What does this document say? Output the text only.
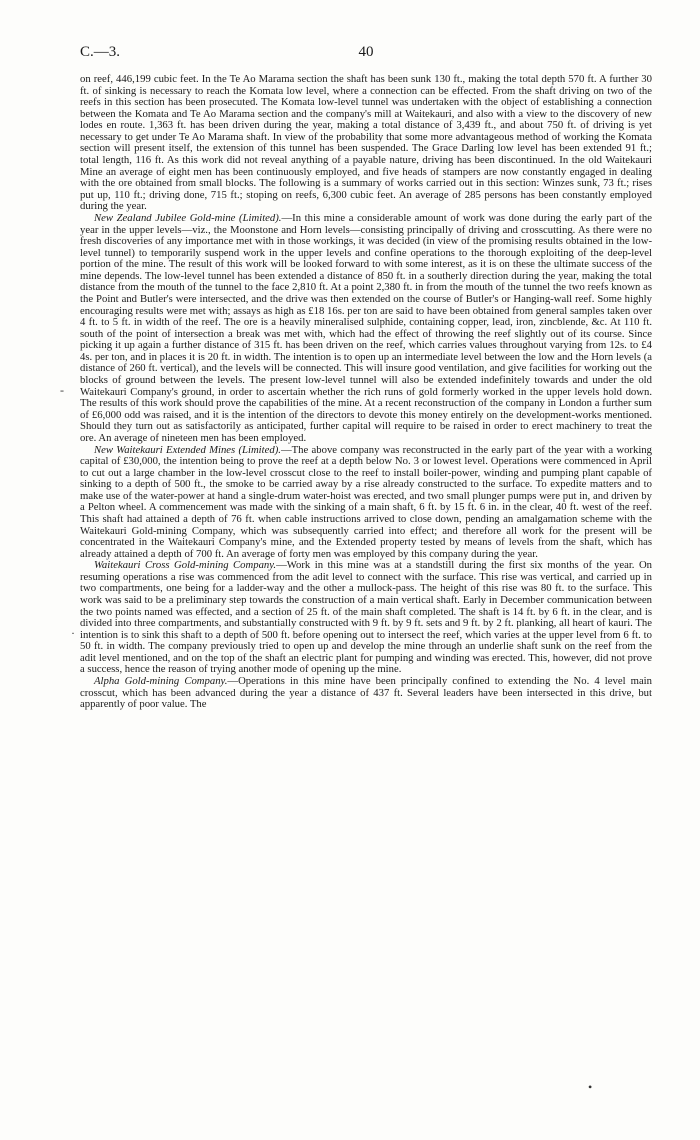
C.—3.	40

on reef, 446,199 cubic feet. In the Te Ao Marama section the shaft has been sunk 130 ft., making the total depth 570 ft. A further 30 ft. of sinking is necessary to reach the Komata low level, where a connection can be effected. From the shaft driving on two of the reefs in this section has been prosecuted. The Komata low-level tunnel was undertaken with the object of establishing a connection between the Komata and Te Ao Marama section and the company's mill at Waitekauri, and also with a view to the discovery of new lodes en route. 1,363 ft. has been driven during the year, making a total distance of 3,439 ft., and about 750 ft. of driving is yet necessary to get under Te Ao Marama shaft. In view of the probability that some more advantageous method of working the Komata section will present itself, the extension of this tunnel has been suspended. The Grace Darling low level has been extended 91 ft.; total length, 116 ft. As this work did not reveal anything of a payable nature, driving has been discontinued. In the old Waitekauri Mine an average of eight men has been continuously employed, and five heads of stampers are now constantly engaged in dealing with the ore obtained from small blocks. The following is a summary of works carried out in this section: Winzes sunk, 73 ft.; rises put up, 110 ft.; driving done, 715 ft.; stoping on reefs, 6,300 cubic feet. An average of 285 persons has been constantly employed during the year.

New Zealand Jubilee Gold-mine (Limited).—In this mine a considerable amount of work was done during the early part of the year in the upper levels—viz., the Moonstone and Horn levels—consisting principally of driving and crosscutting. As there were no fresh discoveries of any importance met with in those workings, it was decided (in view of the promising results obtained in the low-level tunnel) to temporarily suspend work in the upper levels and confine operations to the thorough exploiting of the deep-level portion of the mine. The result of this work will be looked forward to with some interest, as it is on these the ultimate success of the mine depends. The low-level tunnel has been extended a distance of 850 ft. in a southerly direction during the year, making the total distance from the mouth of the tunnel to the face 2,810 ft. At a point 2,380 ft. in from the mouth of the tunnel the two reefs known as the Point and Butler's were intersected, and the drive was then extended on the course of Butler's or Hanging-wall reef. Some highly encouraging results were met with; assays as high as £18 16s. per ton are said to have been obtained from general samples taken over 4 ft. to 5 ft. in width of the reef. The ore is a heavily mineralised sulphide, containing copper, lead, iron, zincblende, &c. At 110 ft. south of the point of intersection a break was met with, which had the effect of throwing the reef slightly out of its course. Since picking it up again a further distance of 315 ft. has been driven on the reef, which carries values throughout varying from 12s. to £4 4s. per ton, and in places it is 20 ft. in width. The intention is to open up an intermediate level between the low and the Horn levels (a distance of 260 ft. vertical), and the levels will be connected. This will insure good ventilation, and give facilities for working out the blocks of ground between the levels. The present low-level tunnel will also be extended indefinitely towards and under the old Waitekauri Company's ground, in order to ascertain whether the rich runs of gold formerly worked in the upper levels hold down. The results of this work should prove the capabilities of the mine. At a recent reconstruction of the company in London a further sum of £6,000 odd was raised, and it is the intention of the directors to devote this money entirely on the development-works mentioned. Should they turn out as satisfactorily as anticipated, further capital will require to be raised in order to erect machinery to treat the ore. An average of nineteen men has been employed.

New Waitekauri Extended Mines (Limited).—The above company was reconstructed in the early part of the year with a working capital of £30,000, the intention being to prove the reef at a depth below No. 3 or lowest level. Operations were commenced in April to cut out a large chamber in the low-level crosscut close to the reef to install boiler-power, winding and pumping plant capable of sinking to a depth of 500 ft., the smoke to be carried away by a rise already constructed to the surface. To expedite matters and to make use of the water-power at hand a single-drum water-hoist was erected, and two small plunger pumps were put in, and driven by a Pelton wheel. A commencement was made with the sinking of a main shaft, 6 ft. by 15 ft. 6 in. in the clear, 40 ft. west of the reef. This shaft had attained a depth of 76 ft. when cable instructions arrived to close down, pending an amalgamation scheme with the Waitekauri Gold-mining Company, which was subsequently carried into effect; and therefore all work for the present will be concentrated in the Waitekauri Company's mine, and the Extended property tested by means of levels from the shaft, which has already attained a depth of 700 ft. An average of forty men was employed by this company during the year.

Waitekauri Cross Gold-mining Company.—Work in this mine was at a standstill during the first six months of the year. On resuming operations a rise was commenced from the adit level to connect with the surface. This rise was vertical, and carried up in two compartments, one being for a ladder-way and the other a mullock-pass. The height of this rise was 80 ft. to the surface. This work was said to be a preliminary step towards the construction of a main vertical shaft. Early in December communication between the two points named was effected, and a section of 25 ft. of the main shaft completed. The shaft is 14 ft. by 6 ft. in the clear, and is divided into three compartments, and substantially constructed with 9 ft. by 9 ft. sets and 9 ft. by 2 ft. planking, all heart of kauri. The intention is to sink this shaft to a depth of 500 ft. before opening out to intersect the reef, which varies at the upper level from 6 ft. to 50 ft. in width. The company previously tried to open up and develop the mine through an underlie shaft sunk on the reef from the adit level mentioned, and on the top of the shaft an electric plant for pumping and winding was erected. This, however, did not prove a success, hence the reason of trying another mode of opening up the mine.

Alpha Gold-mining Company.—Operations in this mine have been principally confined to extending the No. 4 level main crosscut, which has been advanced during the year a distance of 437 ft. Several leaders have been intersected in this drive, but apparently of poor value. The

-
·
•
